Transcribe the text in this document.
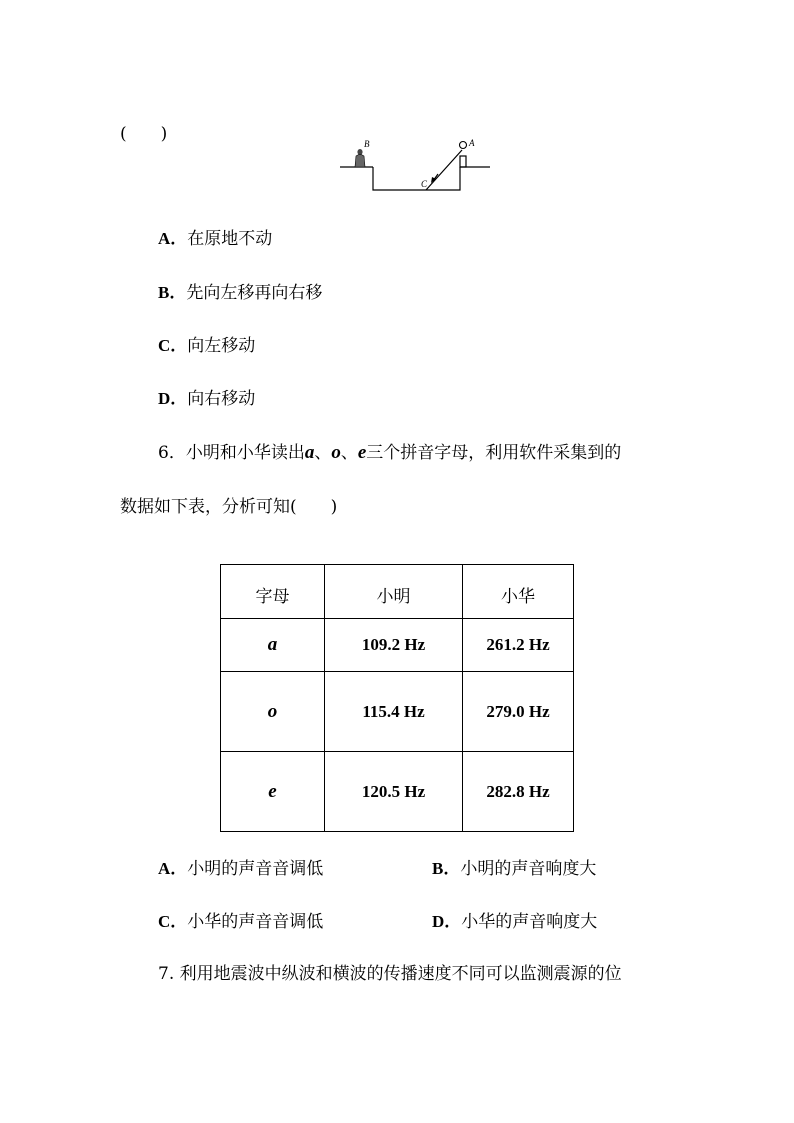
(　　)	B	A
C
A．在原地不动
B．先向左移再向右移
C．向左移动
D．向右移动
6．小明和小华读出a、o、e三个拼音字母，利用软件采集到的
数据如下表，分析可知(　　)
字母	小明	小华
a	109.2 Hz	261.2 Hz
o	115.4 Hz	279.0 Hz
e	120.5 Hz	282.8 Hz
A．小明的声音音调低	B．小明的声音响度大
C．小华的声音音调低	D．小华的声音响度大
7. 利用地震波中纵波和横波的传播速度不同可以监测震源的位
